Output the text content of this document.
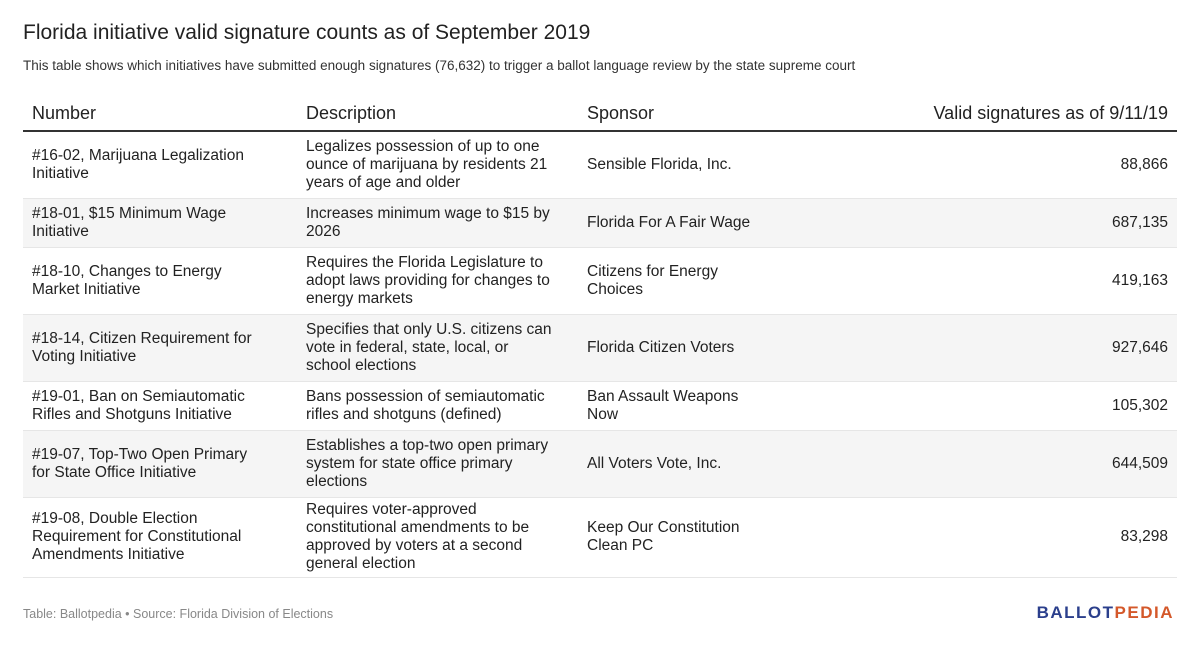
Florida initiative valid signature counts as of September 2019
This table shows which initiatives have submitted enough signatures (76,632) to trigger a ballot language review by the state supreme court
Number	Description	Sponsor	Valid signatures as of 9/11/19
#16-02, Marijuana Legalization Initiative	Legalizes possession of up to one ounce of marijuana by residents 21 years of age and older	Sensible Florida, Inc.	88,866
#18-01, $15 Minimum Wage Initiative	Increases minimum wage to $15 by 2026	Florida For A Fair Wage	687,135
#18-10, Changes to Energy Market Initiative	Requires the Florida Legislature to adopt laws providing for changes to energy markets	Citizens for Energy Choices	419,163
#18-14, Citizen Requirement for Voting Initiative	Specifies that only U.S. citizens can vote in federal, state, local, or school elections	Florida Citizen Voters	927,646
#19-01, Ban on Semiautomatic Rifles and Shotguns Initiative	Bans possession of semiautomatic rifles and shotguns (defined)	Ban Assault Weapons Now	105,302
#19-07, Top-Two Open Primary for State Office Initiative	Establishes a top-two open primary system for state office primary elections	All Voters Vote, Inc.	644,509
#19-08, Double Election Requirement for Constitutional Amendments Initiative	Requires voter-approved constitutional amendments to be approved by voters at a second general election	Keep Our Constitution Clean PC	83,298
Table: Ballotpedia • Source: Florida Division of Elections	BALLOTPEDIA
